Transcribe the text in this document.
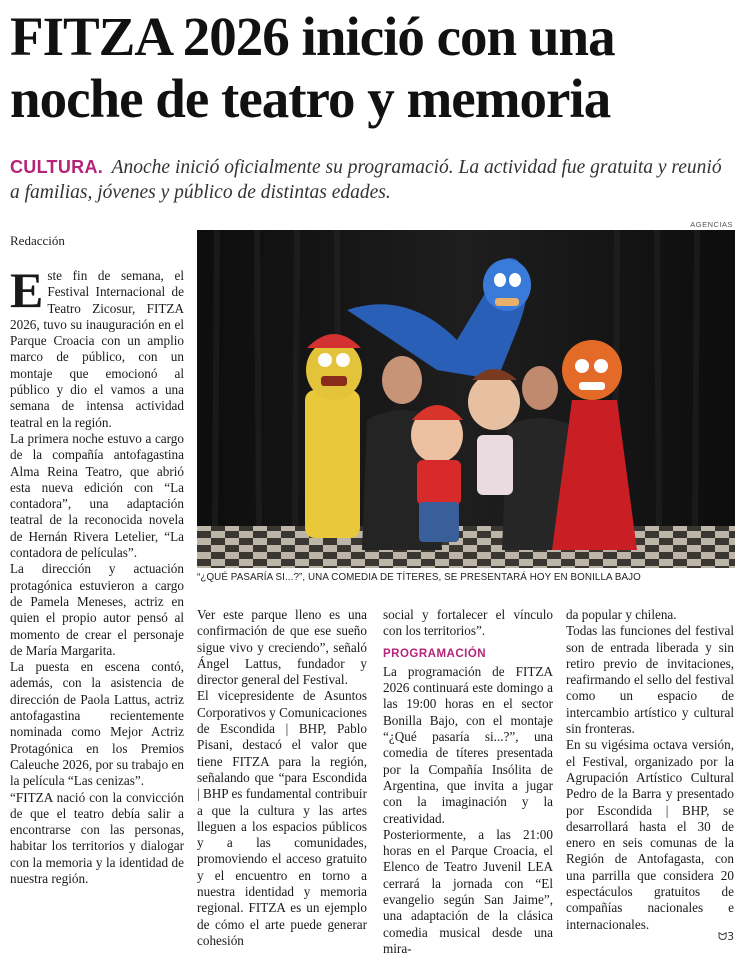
FITZA 2026 inició con una noche de teatro y memoria
CULTURA. Anoche inició oficialmente su programació. La actividad fue gratuita y reunió a familias, jóvenes y público de distintas edades.
Redacción
AGENCIAS
“¿QUÉ PASARÍA SI...?”, UNA COMEDIA DE TÍTERES, SE PRESENTARÁ HOY EN BONILLA BAJO

Este fin de semana, el Festival Internacional de Teatro Zicosur, FITZA 2026, tuvo su inauguración en el Parque Croacia con un amplio marco de público, con un montaje que emocionó al público y dio el vamos a una semana de intensa actividad teatral en la región.

La primera noche estuvo a cargo de la compañía antofagastina Alma Reina Teatro, que abrió esta nueva edición con “La contadora”, una adaptación teatral de la reconocida novela de Hernán Rivera Letelier, “La contadora de películas”.

La dirección y actuación protagónica estuvieron a cargo de Pamela Meneses, actriz en quien el propio autor pensó al momento de crear el personaje de María Margarita.

La puesta en escena contó, además, con la asistencia de dirección de Paola Lattus, actriz antofagastina recientemente nominada como Mejor Actriz Protagónica en los Premios Caleuche 2026, por su trabajo en la película “Las cenizas”.

“FITZA nació con la convicción de que el teatro debía salir a encontrarse con las personas, habitar los territorios y dialogar con la memoria y la identidad de nuestra región.

Ver este parque lleno es una confirmación de que ese sueño sigue vivo y creciendo”, señaló Ángel Lattus, fundador y director general del Festival.

El vicepresidente de Asuntos Corporativos y Comunicaciones de Escondida | BHP, Pablo Pisani, destacó el valor que tiene FITZA para la región, señalando que “para Escondida | BHP es fundamental contribuir a que la cultura y las artes lleguen a los espacios públicos y a las comunidades, promoviendo el acceso gratuito y el encuentro en torno a nuestra identidad y memoria regional. FITZA es un ejemplo de cómo el arte puede generar cohesión

social y fortalecer el vínculo con los territorios”.

PROGRAMACIÓN

La programación de FITZA 2026 continuará este domingo a las 19:00 horas en el sector Bonilla Bajo, con el montaje “¿Qué pasaría si...?”, una comedia de títeres presentada por la Compañía Insólita de Argentina, que invita a jugar con la imaginación y la creatividad.

Posteriormente, a las 21:00 horas en el Parque Croacia, el Elenco de Teatro Juvenil LEA cerrará la jornada con “El evangelio según San Jaime”, una adaptación de la clásica comedia musical desde una mira-

da popular y chilena.

Todas las funciones del festival son de entrada liberada y sin retiro previo de invitaciones, reafirmando el sello del festival como un espacio de intercambio artístico y cultural sin fronteras.

En su vigésima octava versión, el Festival, organizado por la Agrupación Artístico Cultural Pedro de la Barra y presentado por Escondida | BHP, se desarrollará hasta el 30 de enero en seis comunas de la Región de Antofagasta, con una parrilla que considera 20 espectáculos gratuitos de compañías nacionales e internacionales.

ᗢ3
